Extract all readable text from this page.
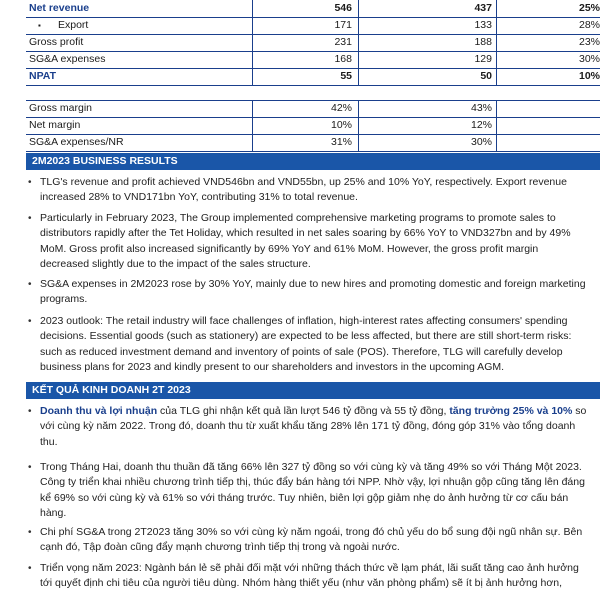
Net revenue	546	437	25%
▪ Export	171	133	28%
Gross profit	231	188	23%
SG&A expenses	168	129	30%
NPAT	55	50	10%
Gross margin	42%	43%
Net margin	10%	12%
SG&A expenses/NR	31%	30%
2M2023 BUSINESS RESULTS
• TLG's revenue and profit achieved VND546bn and VND55bn, up 25% and 10% YoY, respectively. Export revenue increased 28% to VND171bn YoY, contributing 31% to total revenue.
• Particularly in February 2023, The Group implemented comprehensive marketing programs to promote sales to distributors rapidly after the Tet Holiday, which resulted in net sales soaring by 66% YoY to VND327bn and by 49% MoM. Gross profit also increased significantly by 69% YoY and 61% MoM. However, the gross profit margin decreased slightly due to the impact of the sales structure.
• SG&A expenses in 2M2023 rose by 30% YoY, mainly due to new hires and promoting domestic and foreign marketing programs.
• 2023 outlook: The retail industry will face challenges of inflation, high-interest rates affecting consumers' spending decisions. Essential goods (such as stationery) are expected to be less affected, but there are still short-term risks: such as reduced investment demand and inventory of points of sale (POS). Therefore, TLG will carefully develop business plans for 2023 and kindly present to our shareholders and investors in the upcoming AGM.
KẾT QUẢ KINH DOANH 2T 2023
• Doanh thu và lợi nhuận của TLG ghi nhận kết quả lần lượt 546 tỷ đồng và 55 tỷ đồng, tăng trưởng 25% và 10% so với cùng kỳ năm 2022. Trong đó, doanh thu từ xuất khẩu tăng 28% lên 171 tỷ đồng, đóng góp 31% vào tổng doanh thu.
• Trong Tháng Hai, doanh thu thuần đã tăng 66% lên 327 tỷ đồng so với cùng kỳ và tăng 49% so với Tháng Một 2023. Công ty triển khai nhiều chương trình tiếp thị, thúc đẩy bán hàng tới NPP. Nhờ vậy, lợi nhuận gộp cũng tăng lên đáng kể 69% so với cùng kỳ và 61% so với tháng trước. Tuy nhiên, biên lợi gộp giảm nhẹ do ảnh hưởng từ cơ cấu bán hàng.
• Chi phí SG&A trong 2T2023 tăng 30% so với cùng kỳ năm ngoái, trong đó chủ yếu do bổ sung đội ngũ nhân sự. Bên cạnh đó, Tập đoàn cũng đẩy mạnh chương trình tiếp thị trong và ngoài nước.
• Triển vọng năm 2023: Ngành bán lẻ sẽ phải đối mặt với những thách thức về lạm phát, lãi suất tăng cao ảnh hưởng tới quyết định chi tiêu của người tiêu dùng. Nhóm hàng thiết yếu (như văn phòng phẩm) sẽ ít bị ảnh hưởng hơn,
